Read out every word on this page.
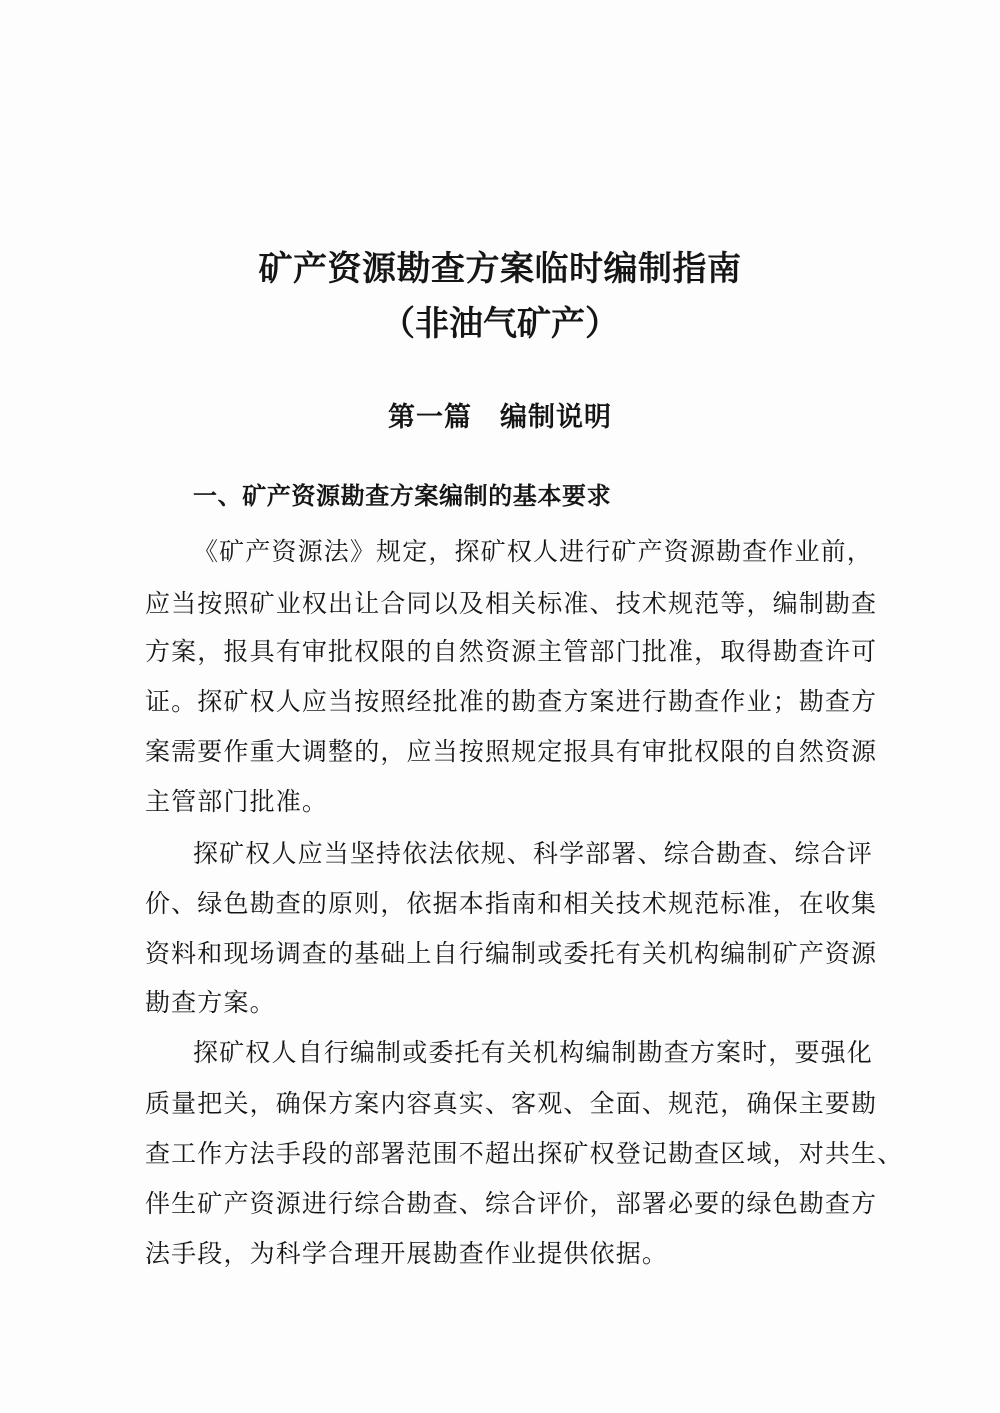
矿产资源勘查方案临时编制指南
（非油气矿产）
第一篇　编制说明
一、矿产资源勘查方案编制的基本要求

《矿产资源法》规定，探矿权人进行矿产资源勘查作业前，

应当按照矿业权出让合同以及相关标准、技术规范等，编制勘查

方案，报具有审批权限的自然资源主管部门批准，取得勘查许可

证。探矿权人应当按照经批准的勘查方案进行勘查作业；勘查方

案需要作重大调整的，应当按照规定报具有审批权限的自然资源

主管部门批准。

探矿权人应当坚持依法依规、科学部署、综合勘查、综合评

价、绿色勘查的原则，依据本指南和相关技术规范标准，在收集

资料和现场调查的基础上自行编制或委托有关机构编制矿产资源

勘查方案。

探矿权人自行编制或委托有关机构编制勘查方案时，要强化

质量把关，确保方案内容真实、客观、全面、规范，确保主要勘

查工作方法手段的部署范围不超出探矿权登记勘查区域，对共生、

伴生矿产资源进行综合勘查、综合评价，部署必要的绿色勘查方

法手段，为科学合理开展勘查作业提供依据。
